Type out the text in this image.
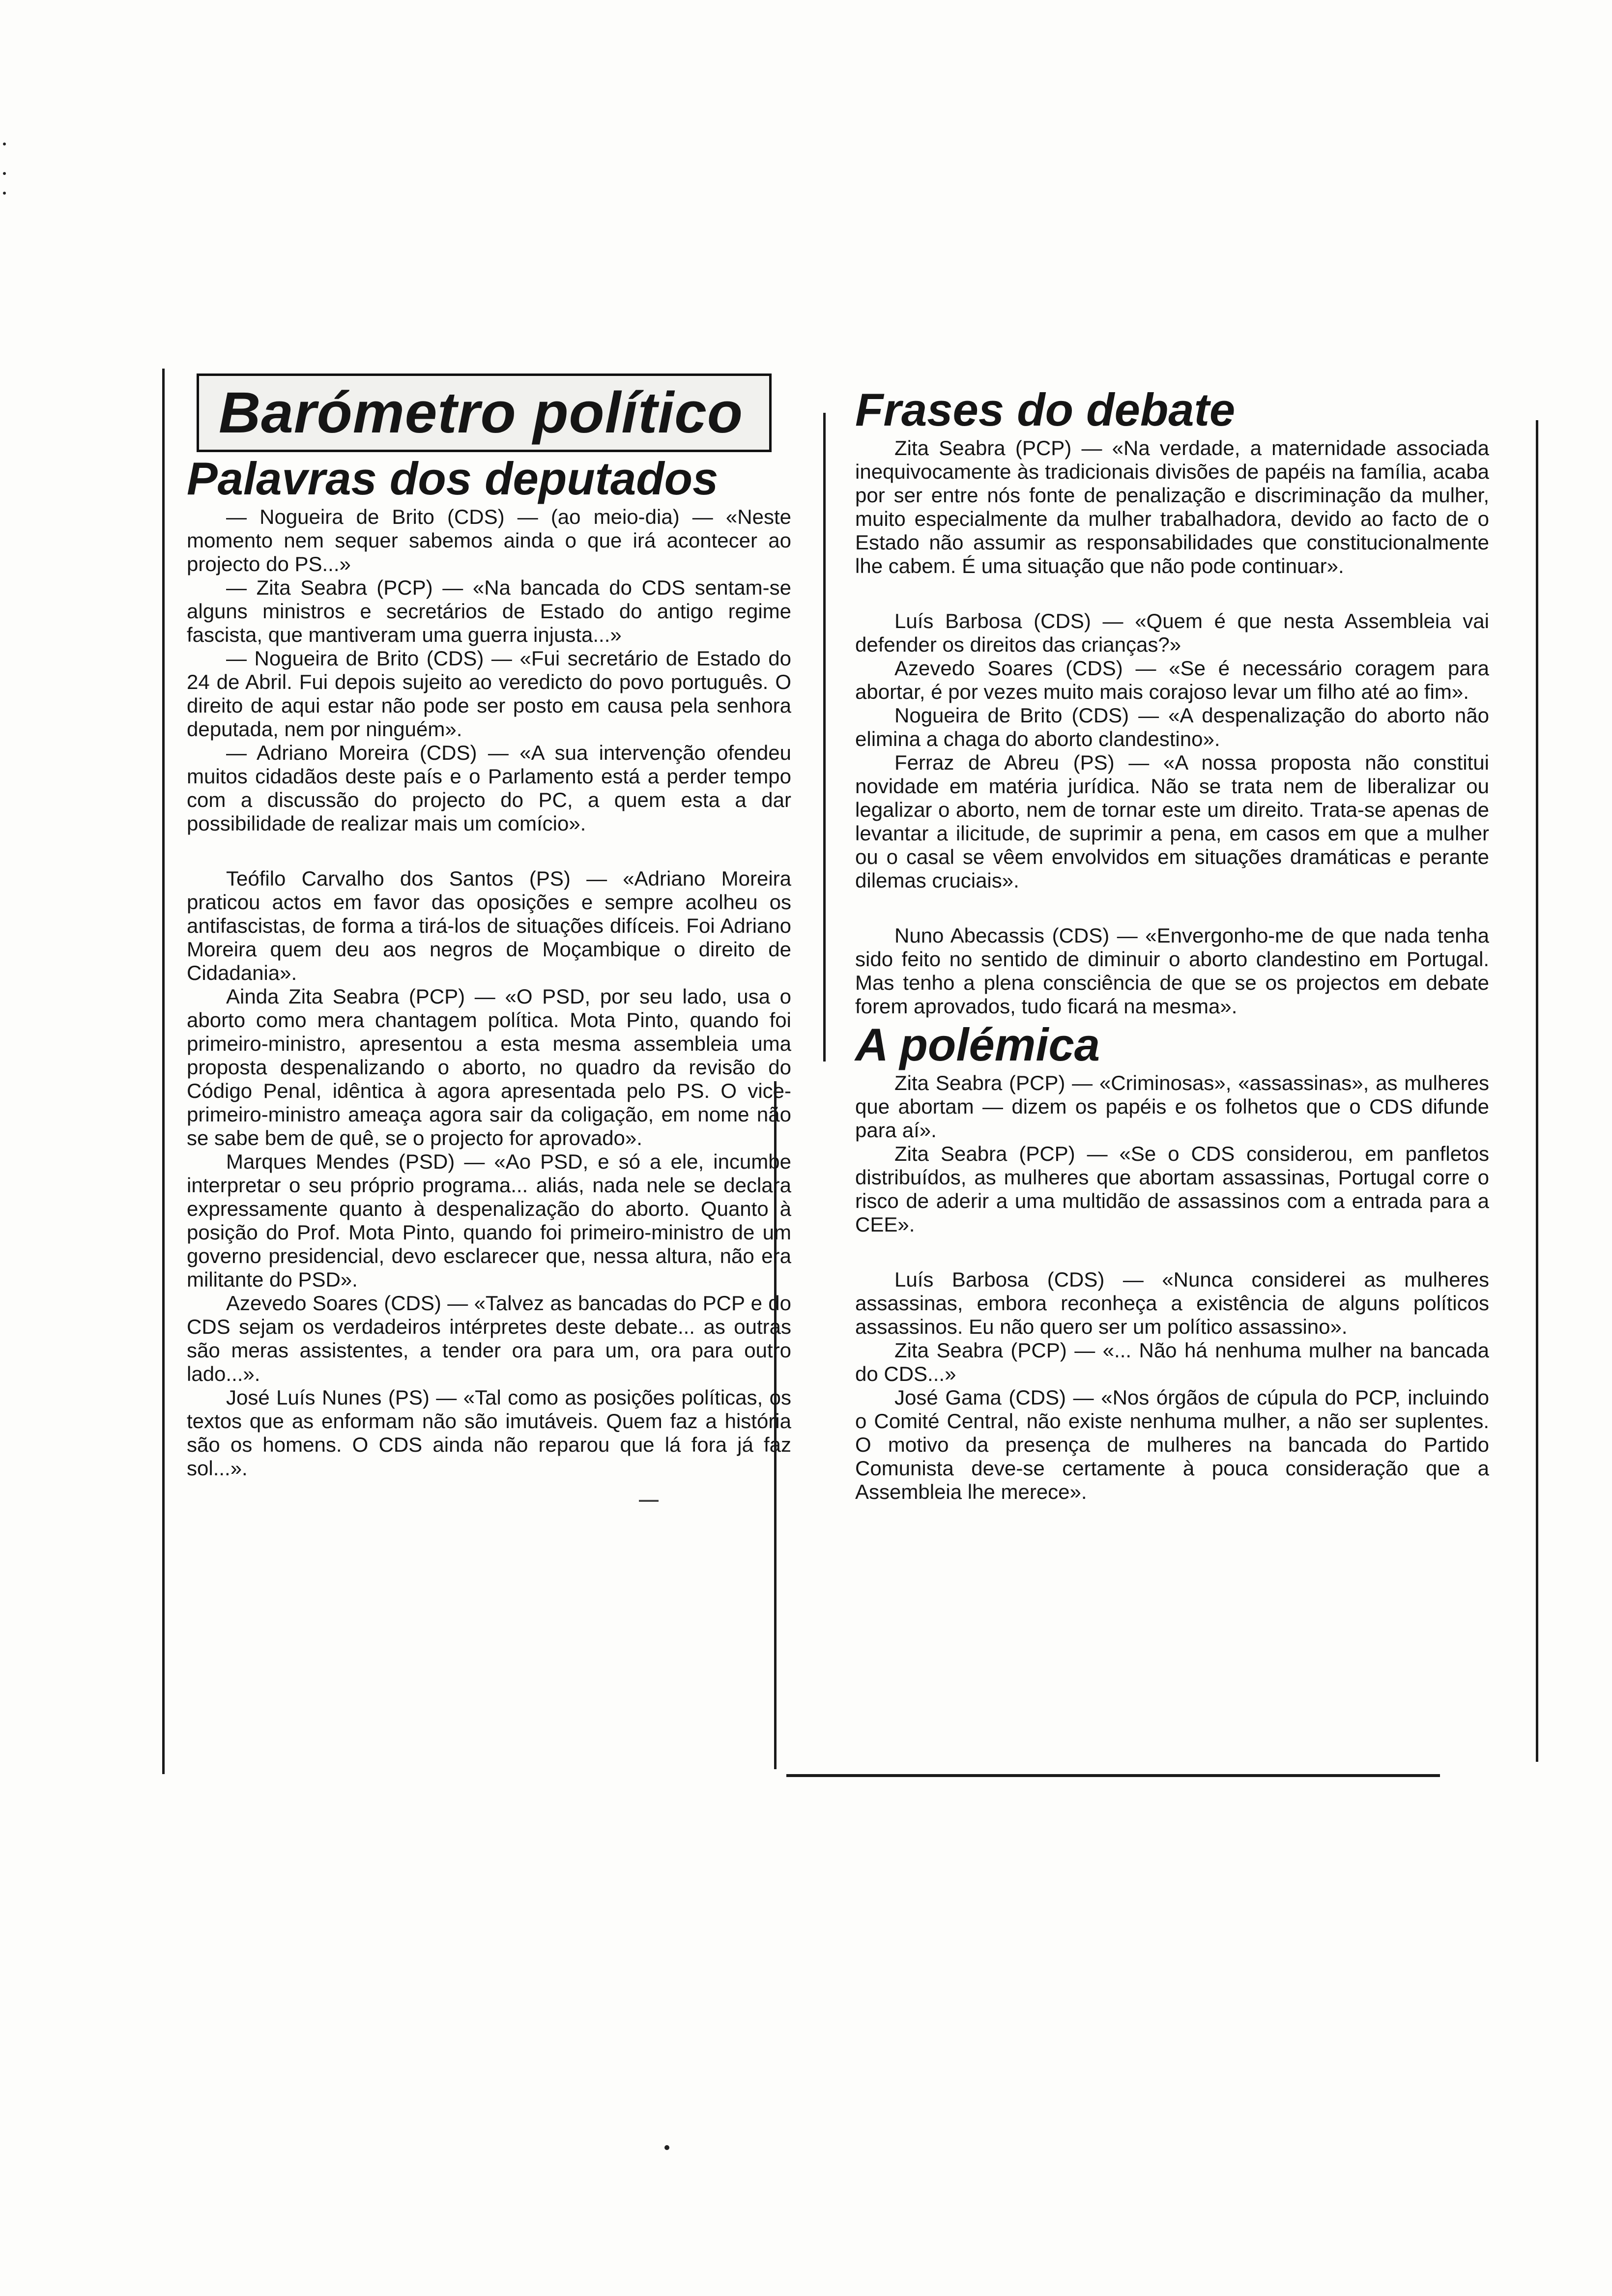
Barómetro político
Palavras dos deputados

— Nogueira de Brito (CDS) — (ao meio-dia) — «Neste momento nem sequer sabemos ainda o que irá acontecer ao projecto do PS...»

— Zita Seabra (PCP) — «Na bancada do CDS sentam-se alguns ministros e secretários de Estado do antigo regime fascista, que mantiveram uma guerra injusta...»

— Nogueira de Brito (CDS) — «Fui secretário de Estado do 24 de Abril. Fui depois sujeito ao veredicto do povo português. O direito de aqui estar não pode ser posto em causa pela senhora deputada, nem por ninguém».

— Adriano Moreira (CDS) — «A sua intervenção ofendeu muitos cidadãos deste país e o Parlamento está a perder tempo com a discussão do projecto do PC, a quem esta a dar possibilidade de realizar mais um comício».

Teófilo Carvalho dos Santos (PS) — «Adriano Moreira praticou actos em favor das oposições e sempre acolheu os antifascistas, de forma a tirá-los de situações difíceis. Foi Adriano Moreira quem deu aos negros de Moçambique o direito de Cidadania».

Ainda Zita Seabra (PCP) — «O PSD, por seu lado, usa o aborto como mera chantagem política. Mota Pinto, quando foi primeiro-ministro, apresentou a esta mesma assembleia uma proposta despenalizando o aborto, no quadro da revisão do Código Penal, idêntica à agora apresentada pelo PS. O vice-primeiro-ministro ameaça agora sair da coligação, em nome não se sabe bem de quê, se o projecto for aprovado».

Marques Mendes (PSD) — «Ao PSD, e só a ele, incumbe interpretar o seu próprio programa... aliás, nada nele se declara expressamente quanto à despenalização do aborto. Quanto à posição do Prof. Mota Pinto, quando foi primeiro-ministro de um governo presidencial, devo esclarecer que, nessa altura, não era militante do PSD».

Azevedo Soares (CDS) — «Talvez as bancadas do PCP e do CDS sejam os verdadeiros intérpretes deste debate... as outras são meras assistentes, a tender ora para um, ora para outro lado...».

José Luís Nunes (PS) — «Tal como as posições políticas, os textos que as enformam não são imutáveis. Quem faz a história são os homens. O CDS ainda não reparou que lá fora já faz sol...».

Frases do debate

Zita Seabra (PCP) — «Na verdade, a maternidade associada inequivocamente às tradicionais divisões de papéis na família, acaba por ser entre nós fonte de penalização e discriminação da mulher, muito especialmente da mulher trabalhadora, devido ao facto de o Estado não assumir as responsabilidades que constitucionalmente lhe cabem. É uma situação que não pode continuar».

Luís Barbosa (CDS) — «Quem é que nesta Assembleia vai defender os direitos das crianças?»

Azevedo Soares (CDS) — «Se é necessário coragem para abortar, é por vezes muito mais corajoso levar um filho até ao fim».

Nogueira de Brito (CDS) — «A despenalização do aborto não elimina a chaga do aborto clandestino».

Ferraz de Abreu (PS) — «A nossa proposta não constitui novidade em matéria jurídica. Não se trata nem de liberalizar ou legalizar o aborto, nem de tornar este um direito. Trata-se apenas de levantar a ilicitude, de suprimir a pena, em casos em que a mulher ou o casal se vêem envolvidos em situações dramáticas e perante dilemas cruciais».

Nuno Abecassis (CDS) — «Envergonho-me de que nada tenha sido feito no sentido de diminuir o aborto clandestino em Portugal. Mas tenho a plena consciência de que se os projectos em debate forem aprovados, tudo ficará na mesma».

A polémica

Zita Seabra (PCP) — «Criminosas», «assassinas», as mulheres que abortam — dizem os papéis e os folhetos que o CDS difunde para aí».

Zita Seabra (PCP) — «Se o CDS considerou, em panfletos distribuídos, as mulheres que abortam assassinas, Portugal corre o risco de aderir a uma multidão de assassinos com a entrada para a CEE».

Luís Barbosa (CDS) — «Nunca considerei as mulheres assassinas, embora reconheça a existência de alguns políticos assassinos. Eu não quero ser um político assassino».

Zita Seabra (PCP) — «... Não há nenhuma mulher na bancada do CDS...»

José Gama (CDS) — «Nos órgãos de cúpula do PCP, incluindo o Comité Central, não existe nenhuma mulher, a não ser suplentes. O motivo da presença de mulheres na bancada do Partido Comunista deve-se certamente à pouca consideração que a Assembleia lhe merece».
